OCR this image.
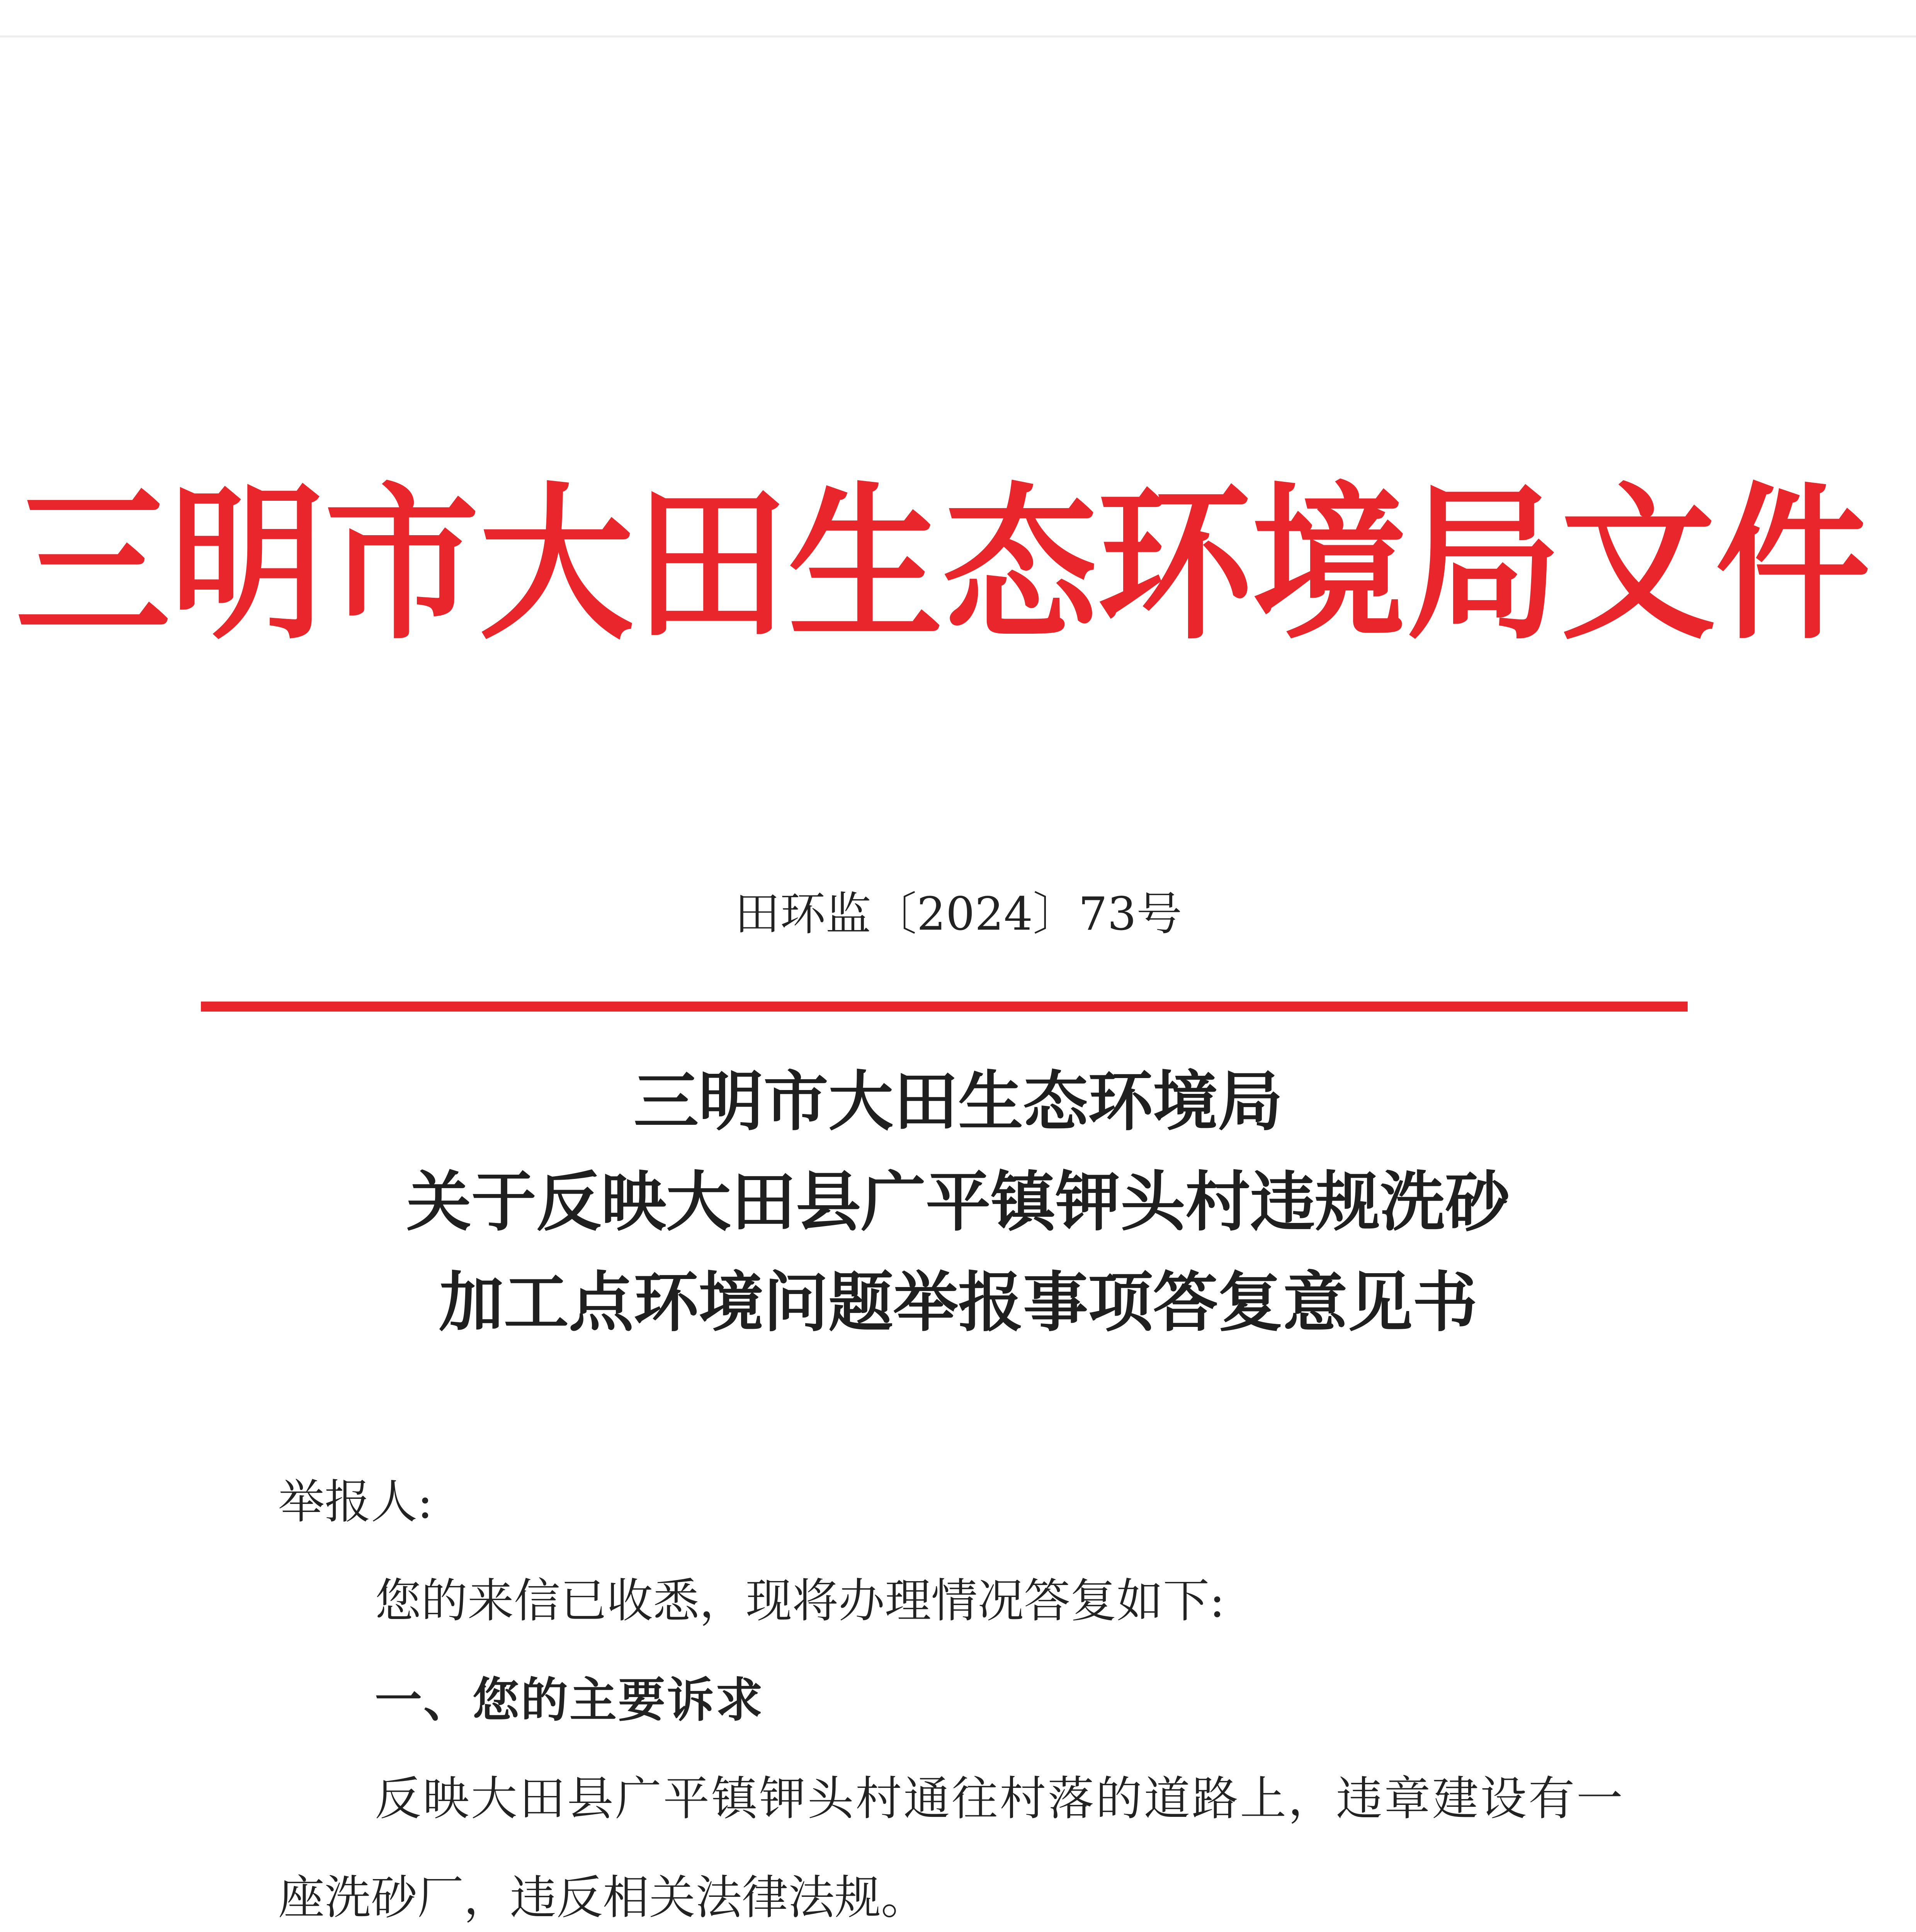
三明市大田生态环境局文件
田环监〔2024〕73号
三明市大田生态环境局
关于反映大田县广平镇钾头村违规洗砂
加工点环境问题举报事项答复意见书

举报人:

您的来信已收悉，现将办理情况答复如下:

一、您的主要诉求

反映大田县广平镇钾头村通往村落的道路上，违章建设有一座洗砂厂，违反相关法律法规。
